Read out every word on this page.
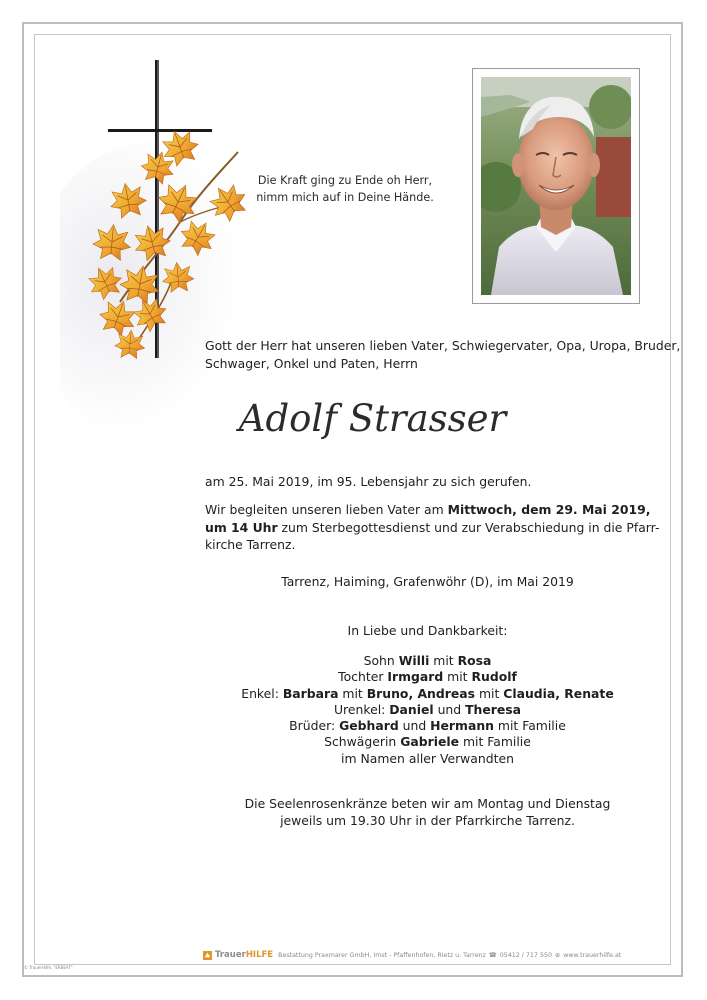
Die Kraft ging zu Ende oh Herr,
nimm mich auf in Deine Hände.
Gott der Herr hat unseren lieben Vater, Schwiegervater, Opa, Uropa, Bruder,
Schwager, Onkel und Paten, Herrn
Adolf Strasser
am 25. Mai 2019, im 95. Lebensjahr zu sich gerufen.
Wir begleiten unseren lieben Vater am Mittwoch, dem 29. Mai 2019,
um 14 Uhr zum Sterbegottesdienst und zur Verabschiedung in die Pfarr-
kirche Tarrenz.
Tarrenz, Haiming, Grafenwöhr (D), im Mai 2019
In Liebe und Dankbarkeit:
Sohn Willi mit Rosa
Tochter Irmgard mit Rudolf
Enkel: Barbara mit Bruno, Andreas mit Claudia, Renate
Urenkel: Daniel und Theresa
Brüder: Gebhard und Hermann mit Familie
Schwägerin Gabriele mit Familie
im Namen aller Verwandten
Die Seelenrosenkränze beten wir am Montag und Dienstag
jeweils um 19.30 Uhr in der Pfarrkirche Tarrenz.
TrauerHILFE Bestattung Praxmarer GmbH, Imst - Pfaffenhofen, Rietz u. Tarrenz ☎ 05412 / 717 550 ⊕ www.trauerhilfe.at
© TrauerHilfe, "ERBEAT"
